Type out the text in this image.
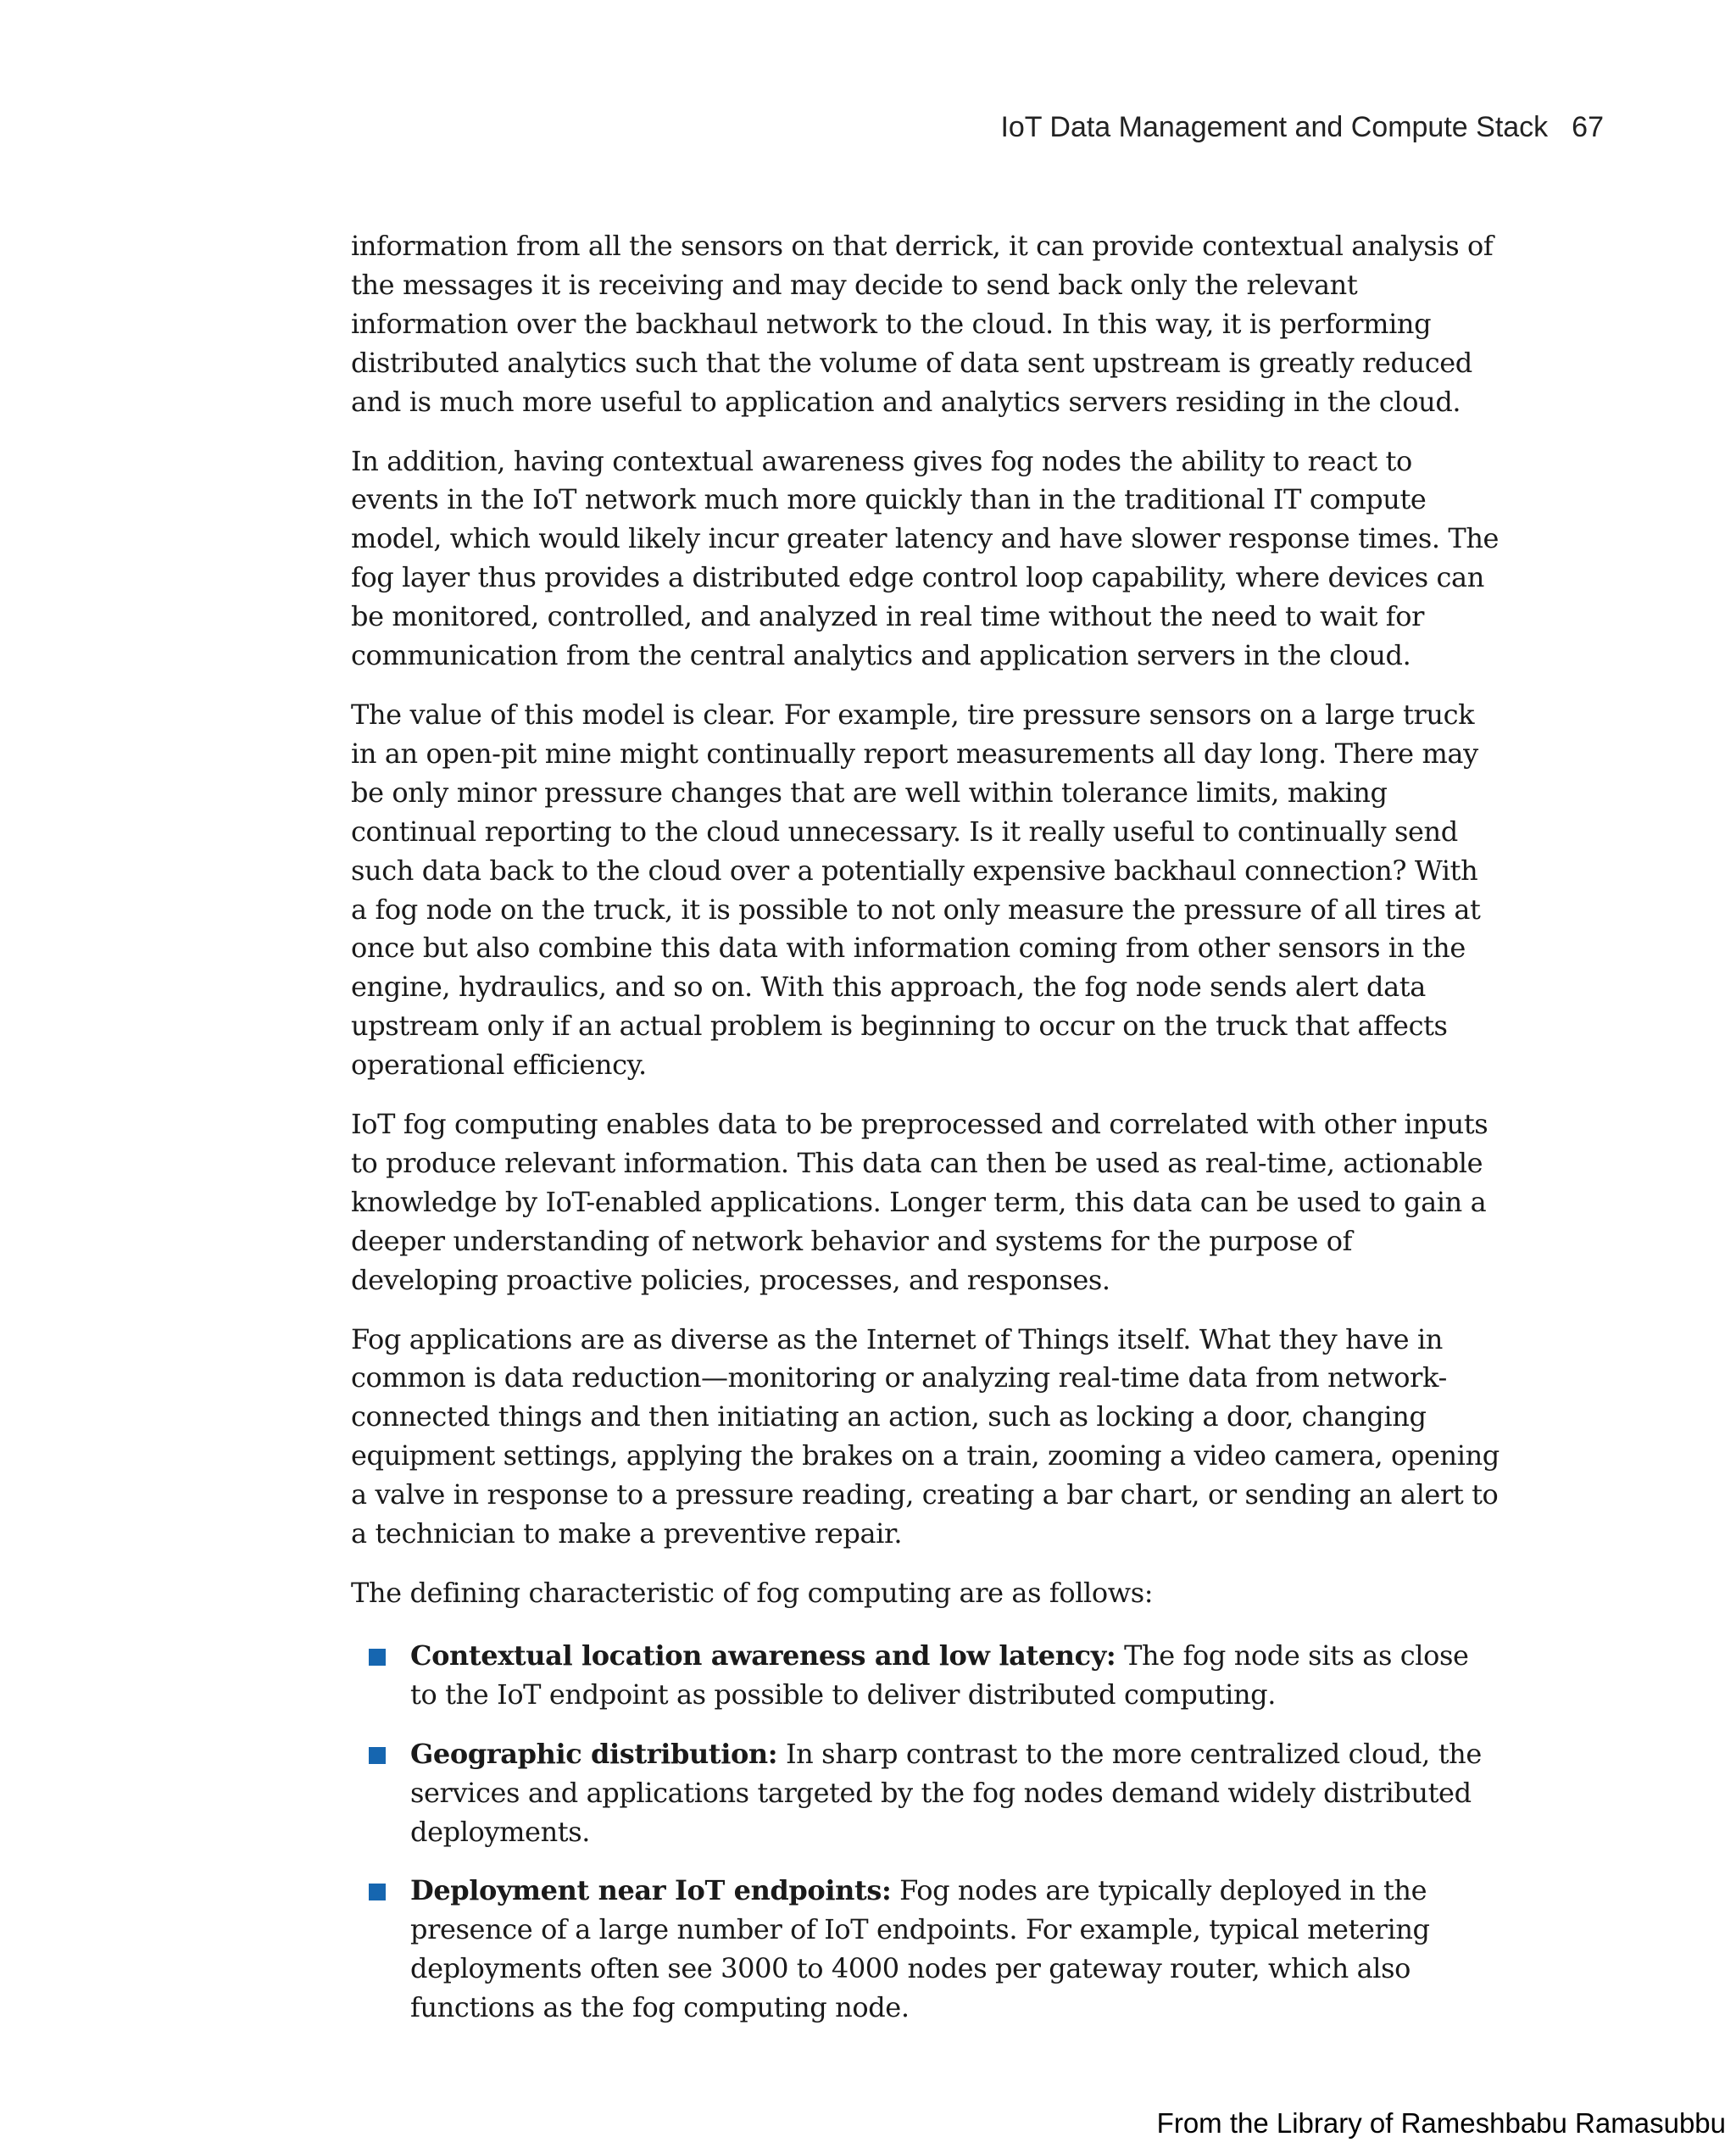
IoT Data Management and Compute Stack 67

information from all the sensors on that derrick, it can provide contextual analysis of the messages it is receiving and may decide to send back only the relevant information over the backhaul network to the cloud. In this way, it is performing distributed analytics such that the volume of data sent upstream is greatly reduced and is much more useful to application and analytics servers residing in the cloud.

In addition, having contextual awareness gives fog nodes the ability to react to events in the IoT network much more quickly than in the traditional IT compute model, which would likely incur greater latency and have slower response times. The fog layer thus provides a distributed edge control loop capability, where devices can be monitored, controlled, and analyzed in real time without the need to wait for communication from the central analytics and application servers in the cloud.

The value of this model is clear. For example, tire pressure sensors on a large truck in an open-pit mine might continually report measurements all day long. There may be only minor pressure changes that are well within tolerance limits, making continual reporting to the cloud unnecessary. Is it really useful to continually send such data back to the cloud over a potentially expensive backhaul connection? With a fog node on the truck, it is possible to not only measure the pressure of all tires at once but also combine this data with information coming from other sensors in the engine, hydraulics, and so on. With this approach, the fog node sends alert data upstream only if an actual problem is beginning to occur on the truck that affects operational efficiency.

IoT fog computing enables data to be preprocessed and correlated with other inputs to produce relevant information. This data can then be used as real-time, actionable knowledge by IoT-enabled applications. Longer term, this data can be used to gain a deeper understanding of network behavior and systems for the purpose of developing proactive policies, processes, and responses.

Fog applications are as diverse as the Internet of Things itself. What they have in common is data reduction—monitoring or analyzing real-time data from network-connected things and then initiating an action, such as locking a door, changing equipment settings, applying the brakes on a train, zooming a video camera, opening a valve in response to a pressure reading, creating a bar chart, or sending an alert to a technician to make a preventive repair.

The defining characteristic of fog computing are as follows:

Contextual location awareness and low latency: The fog node sits as close to the IoT endpoint as possible to deliver distributed computing.
Geographic distribution: In sharp contrast to the more centralized cloud, the services and applications targeted by the fog nodes demand widely distributed deployments.
Deployment near IoT endpoints: Fog nodes are typically deployed in the presence of a large number of IoT endpoints. For example, typical metering deployments often see 3000 to 4000 nodes per gateway router, which also functions as the fog computing node.
From the Library of Rameshbabu Ramasubbu
